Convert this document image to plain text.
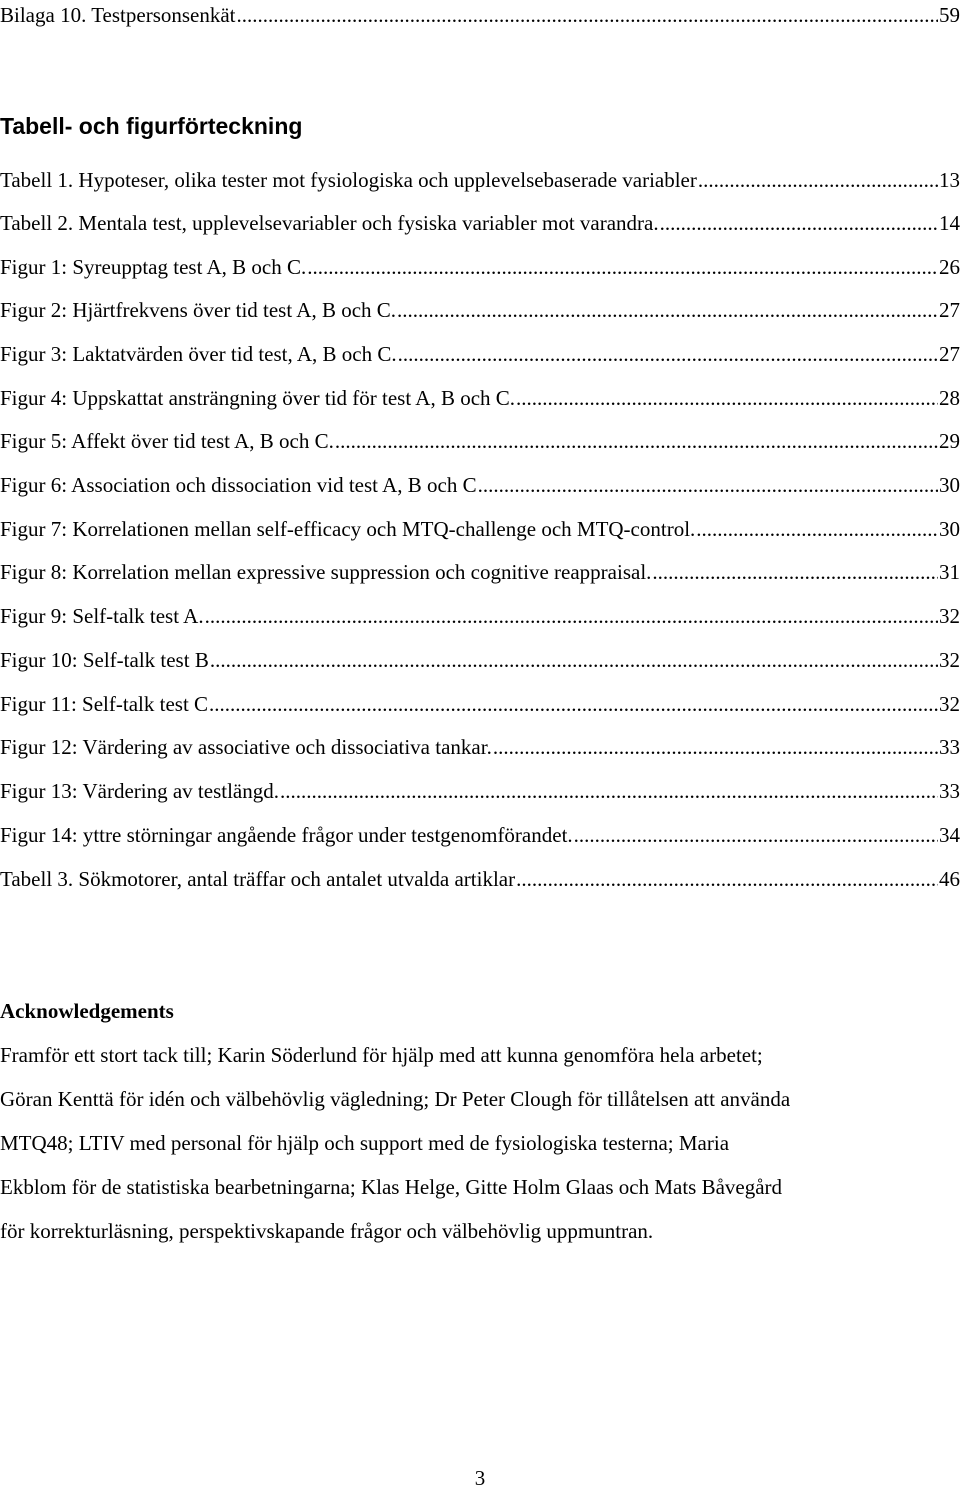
Bilaga 10. Testpersonsenkät .....	59
Tabell- och figurförteckning
Tabell 1. Hypoteser, olika tester mot fysiologiska och upplevelsebaserade variabler .....	13
Tabell 2. Mentala test, upplevelsevariabler och fysiska variabler mot varandra. .....	14
Figur 1: Syreupptag test A, B och C. .....	26
Figur 2: Hjärtfrekvens över tid test A, B och C. .....	27
Figur 3: Laktatvärden över tid test, A, B och C. .....	27
Figur 4: Uppskattat ansträngning över tid för test A, B och C. .....	28
Figur 5: Affekt över tid test A, B och C. .....	29
Figur 6: Association och dissociation vid test A, B och C .....	30
Figur 7: Korrelationen mellan self-efficacy och MTQ-challenge och MTQ-control. .....	30
Figur 8: Korrelation mellan expressive suppression och cognitive reappraisal. .....	31
Figur 9: Self-talk test A. .....	32
Figur 10: Self-talk test B .....	32
Figur 11: Self-talk test C .....	32
Figur 12: Värdering av associative och dissociativa tankar. .....	33
Figur 13: Värdering av testlängd. .....	33
Figur 14: yttre störningar angående frågor under testgenomförandet. .....	34
Tabell 3. Sökmotorer, antal träffar och antalet utvalda artiklar .....	46
Acknowledgements
Framför ett stort tack till; Karin Söderlund för hjälp med att kunna genomföra hela arbetet;
Göran Kenttä för idén och välbehövlig vägledning; Dr Peter Clough för tillåtelsen att använda
MTQ48; LTIV med personal för hjälp och support med de fysiologiska testerna; Maria
Ekblom för de statistiska bearbetningarna; Klas Helge, Gitte Holm Glaas och Mats Båvegård
för korrekturläsning, perspektivskapande frågor och välbehövlig uppmuntran.
3
